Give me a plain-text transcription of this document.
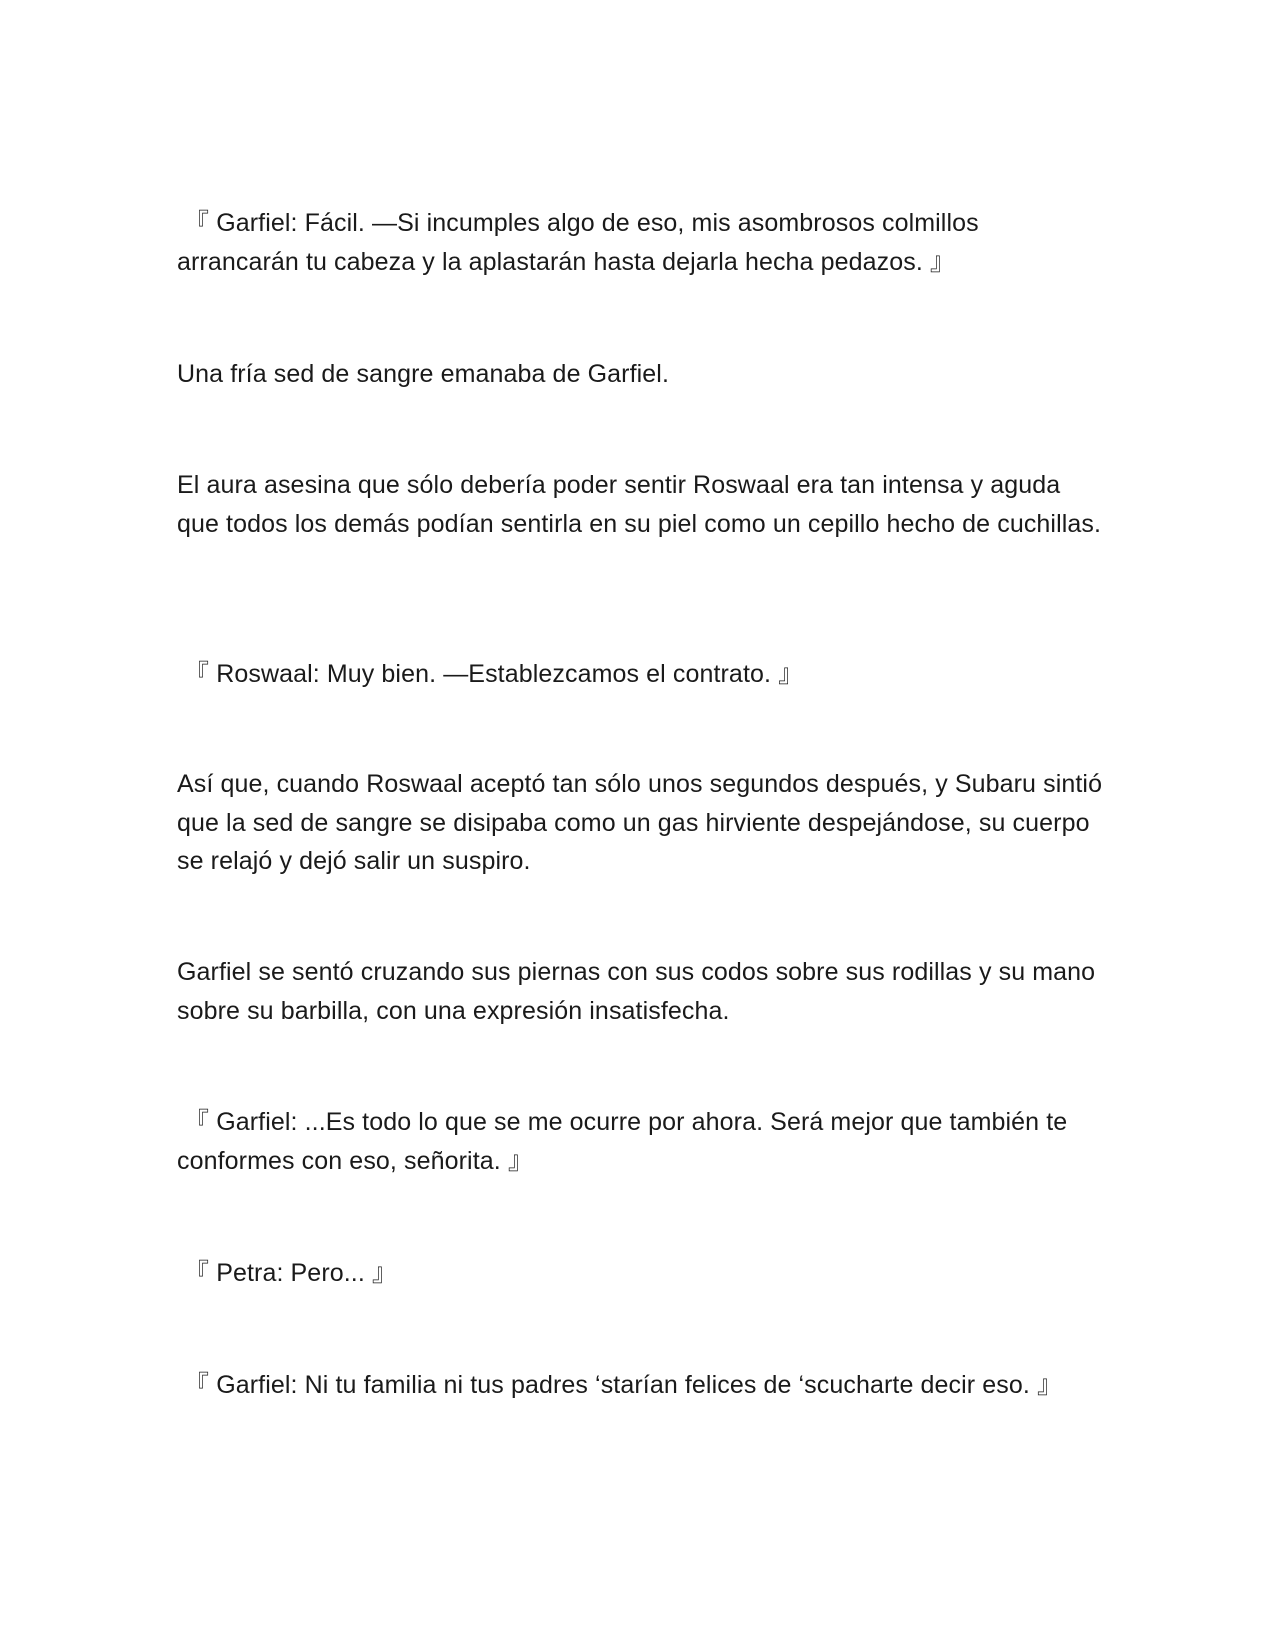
『 Garfiel: Fácil. —Si incumples algo de eso, mis asombrosos colmillos arrancarán tu cabeza y la aplastarán hasta dejarla hecha pedazos. 』

Una fría sed de sangre emanaba de Garfiel.

El aura asesina que sólo debería poder sentir Roswaal era tan intensa y aguda que todos los demás podían sentirla en su piel como un cepillo hecho de cuchillas.

『 Roswaal: Muy bien. —Establezcamos el contrato. 』

Así que, cuando Roswaal aceptó tan sólo unos segundos después, y Subaru sintió que la sed de sangre se disipaba como un gas hirviente despejándose, su cuerpo se relajó y dejó salir un suspiro.

Garfiel se sentó cruzando sus piernas con sus codos sobre sus rodillas y su mano sobre su barbilla, con una expresión insatisfecha.

『 Garfiel: ...Es todo lo que se me ocurre por ahora. Será mejor que también te conformes con eso, señorita. 』

『 Petra: Pero... 』

『 Garfiel: Ni tu familia ni tus padres ‘starían felices de ‘scucharte decir eso. 』
